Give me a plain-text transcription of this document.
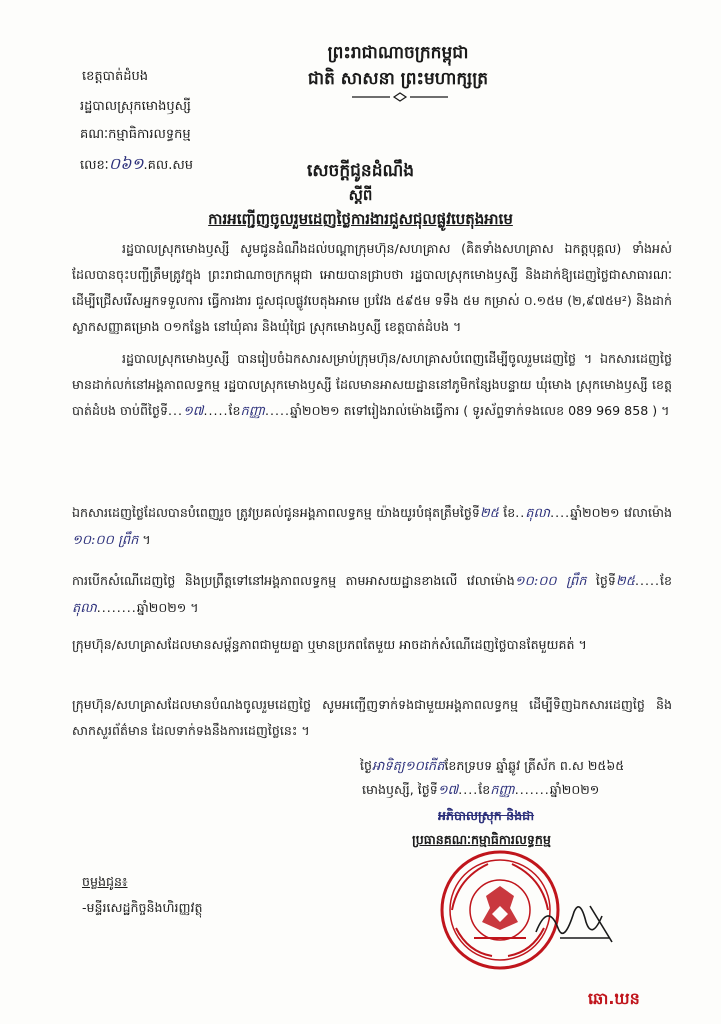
ព្រះរាជាណាចក្រកម្ពុជា
ជាតិ សាសនា ព្រះមហាក្សត្រ
ខេត្តបាត់ដំបង
រដ្ឋបាលស្រុកមោងឫស្សី
គណៈកម្មាធិការលទ្ធកម្ម
លេខៈ០៦១.គល.សម	សេចក្តីជូនដំណឹង
ស្តីពី
ការអញ្ជើញចូលរួមដេញថ្លៃការងារជួសជុលផ្លូវបេតុងអាមេ
រដ្ឋបាលស្រុកមោងឫស្សី សូមជូនដំណឹងដល់បណ្តាក្រុមហ៊ុន/សហគ្រាស (គិតទាំងសហគ្រាស ឯកត្តបុគ្គល) ទាំងអស់ ដែលបានចុះបញ្ជីត្រឹមត្រូវក្នុង ព្រះរាជាណាចក្រកម្ពុជា អោយបានជ្រាបថា រដ្ឋបាលស្រុកមោងឫស្សី និងដាក់ឱ្យដេញថ្លៃជាសាធារណៈ ដើម្បីជ្រើសរើសអ្នកទទួលការ ធ្វើការងារ ជួសជុលផ្លូវបេតុងអាមេ ប្រវែង ៥៩៥ម ទទឹង ៥ម កម្រាស់ ០.១៥ម (២,៩៧៥ម²) និងដាក់ស្លាកសញ្ញាគម្រោង ០១កន្លែង នៅឃុំគារ និងឃុំជ្រៃ ស្រុកមោងឫស្សី ខេត្តបាត់ដំបង ។
រដ្ឋបាលស្រុកមោងឫស្សី បានរៀបចំឯកសារសម្រាប់ក្រុមហ៊ុន/សហគ្រាសបំពេញដើម្បីចូលរួមដេញថ្លៃ ។ ឯកសារដេញថ្លៃ មានដាក់លក់នៅអង្គភាពលទ្ធកម្ម រដ្ឋបាលស្រុកមោងឫស្សី ដែលមានអាសយដ្ឋាននៅភូមិកន្សែងបន្ទាយ ឃុំមោង ស្រុកមោងឫស្សី ខេត្តបាត់ដំបង ចាប់ពីថ្ងៃទី...១៧.....ខែកញ្ញា.....ឆ្នាំ២០២១ តទៅរៀងរាល់ម៉ោងធ្វើការ ( ទូរស័ព្ទទាក់ទងលេខ 089 969 858 ) ។
ឯកសារដេញថ្លៃដែលបានបំពេញរួច ត្រូវប្រគល់ជូនអង្គភាពលទ្ធកម្ម យ៉ាងយូរបំផុតត្រឹមថ្ងៃទី២៥ ខែ..តុលា....ឆ្នាំ២០២១ វេលាម៉ោង ១០:០០ ព្រឹក ។
ការបើកសំណើដេញថ្លៃ និងប្រព្រឹត្តទៅនៅអង្គភាពលទ្ធកម្ម តាមអាសយដ្ឋានខាងលើ វេលាម៉ោង១០:០០ ព្រឹក ថ្ងៃទី២៥.....ខែតុលា........ឆ្នាំ២០២១ ។
ក្រុមហ៊ុន/សហគ្រាសដែលមានសម្ព័ន្ធភាពជាមួយគ្នា ឬមានប្រភពតែមួយ អាចដាក់សំណើដេញថ្លៃបានតែមួយគត់ ។
ក្រុមហ៊ុន/សហគ្រាសដែលមានបំណងចូលរួមដេញថ្លៃ សូមអញ្ជើញទាក់ទងជាមួយអង្គភាពលទ្ធកម្ម ដើម្បីទិញឯកសារដេញថ្លៃ និងសាកសួរព័ត៌មាន ដែលទាក់ទងនឹងការដេញថ្លៃនេះ ។
ថ្ងៃអាទិត្យ១០កើតខែភទ្របទ ឆ្នាំឆ្លូវ ត្រីស័ក ព.ស ២៥៦៥
មោងឫស្សី, ថ្ងៃទី១៧....ខែកញ្ញា.......ឆ្នាំ២០២១
អភិបាលស្រុក និងជា
ប្រធានគណៈកម្មាធិការលទ្ធកម្ម
ឆោ.ឃន
ចម្លងជូន៖
-មន្ទីរសេដ្ឋកិច្ចនិងហិរញ្ញវត្ថុ
